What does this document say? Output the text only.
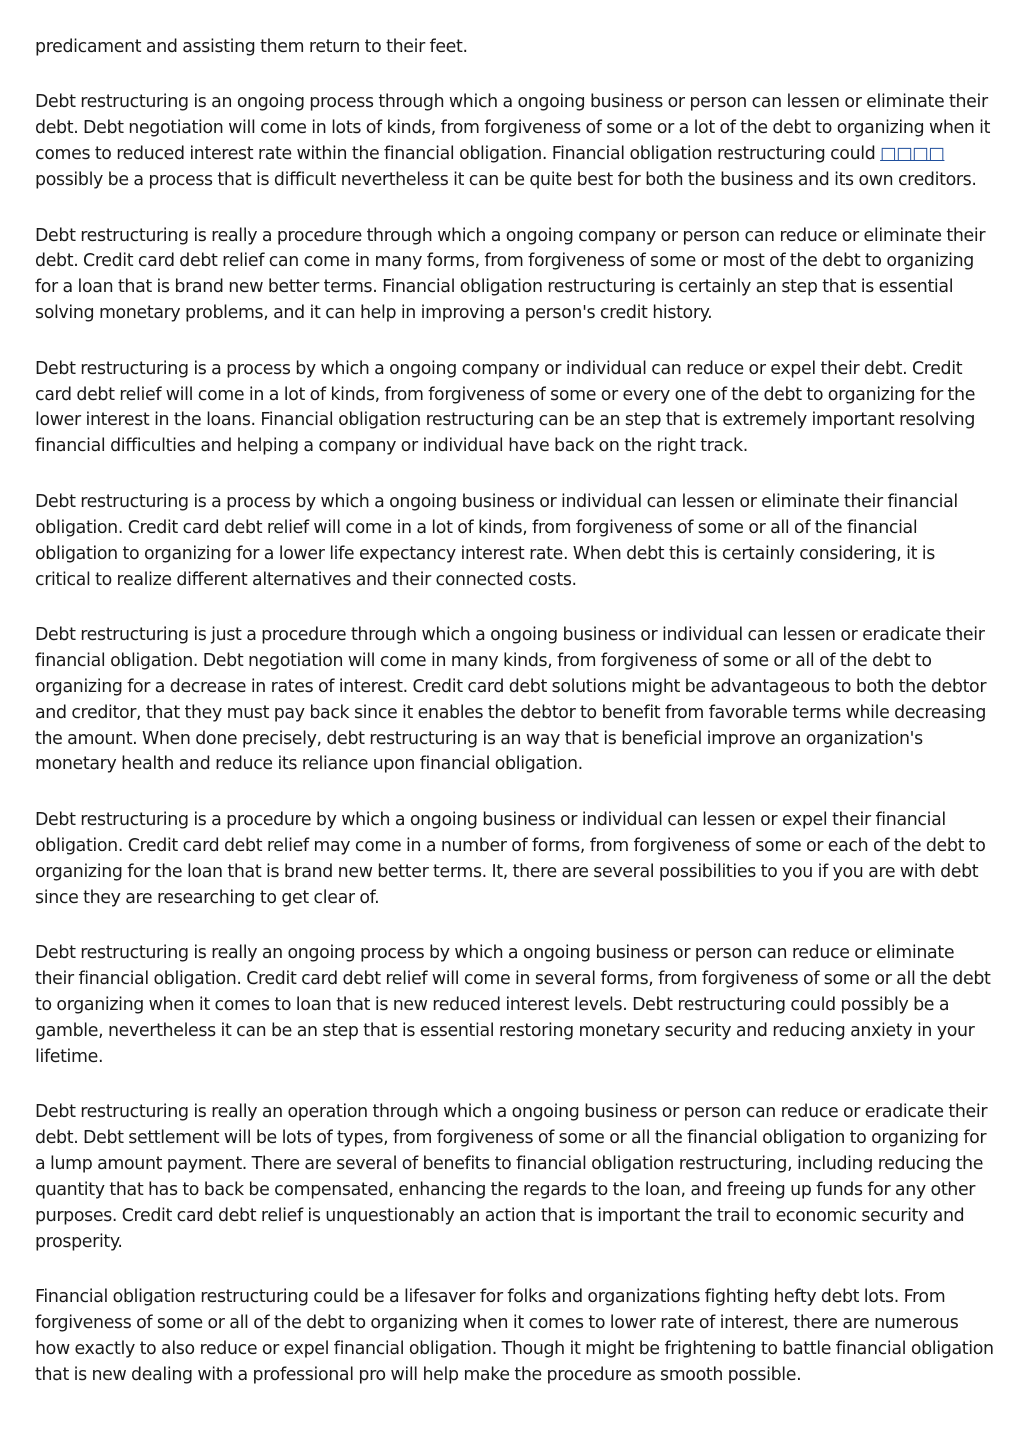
predicament and assisting them return to their feet.

Debt restructuring is an ongoing process through which a ongoing business or person can lessen or eliminate their debt. Debt negotiation will come in lots of kinds, from forgiveness of some or a lot of the debt to organizing when it comes to reduced interest rate within the financial obligation. Financial obligation restructuring could □□□□ possibly be a process that is difficult nevertheless it can be quite best for both the business and its own creditors.

Debt restructuring is really a procedure through which a ongoing company or person can reduce or eliminate their debt. Credit card debt relief can come in many forms, from forgiveness of some or most of the debt to organizing for a loan that is brand new better terms. Financial obligation restructuring is certainly an step that is essential solving monetary problems, and it can help in improving a person's credit history.

Debt restructuring is a process by which a ongoing company or individual can reduce or expel their debt. Credit card debt relief will come in a lot of kinds, from forgiveness of some or every one of the debt to organizing for the lower interest in the loans. Financial obligation restructuring can be an step that is extremely important resolving financial difficulties and helping a company or individual have back on the right track.

Debt restructuring is a process by which a ongoing business or individual can lessen or eliminate their financial obligation. Credit card debt relief will come in a lot of kinds, from forgiveness of some or all of the financial obligation to organizing for a lower life expectancy interest rate. When debt this is certainly considering, it is critical to realize different alternatives and their connected costs.

Debt restructuring is just a procedure through which a ongoing business or individual can lessen or eradicate their financial obligation. Debt negotiation will come in many kinds, from forgiveness of some or all of the debt to organizing for a decrease in rates of interest. Credit card debt solutions might be advantageous to both the debtor and creditor, that they must pay back since it enables the debtor to benefit from favorable terms while decreasing the amount. When done precisely, debt restructuring is an way that is beneficial improve an organization's monetary health and reduce its reliance upon financial obligation.

Debt restructuring is a procedure by which a ongoing business or individual can lessen or expel their financial obligation. Credit card debt relief may come in a number of forms, from forgiveness of some or each of the debt to organizing for the loan that is brand new better terms. It, there are several possibilities to you if you are with debt since they are researching to get clear of.

Debt restructuring is really an ongoing process by which a ongoing business or person can reduce or eliminate their financial obligation. Credit card debt relief will come in several forms, from forgiveness of some or all the debt to organizing when it comes to loan that is new reduced interest levels. Debt restructuring could possibly be a gamble, nevertheless it can be an step that is essential restoring monetary security and reducing anxiety in your lifetime.

Debt restructuring is really an operation through which a ongoing business or person can reduce or eradicate their debt. Debt settlement will be lots of types, from forgiveness of some or all the financial obligation to organizing for a lump amount payment. There are several of benefits to financial obligation restructuring, including reducing the quantity that has to back be compensated, enhancing the regards to the loan, and freeing up funds for any other purposes. Credit card debt relief is unquestionably an action that is important the trail to economic security and prosperity.

Financial obligation restructuring could be a lifesaver for folks and organizations fighting hefty debt lots. From forgiveness of some or all of the debt to organizing when it comes to lower rate of interest, there are numerous how exactly to also reduce or expel financial obligation. Though it might be frightening to battle financial obligation that is new dealing with a professional pro will help make the procedure as smooth possible.
